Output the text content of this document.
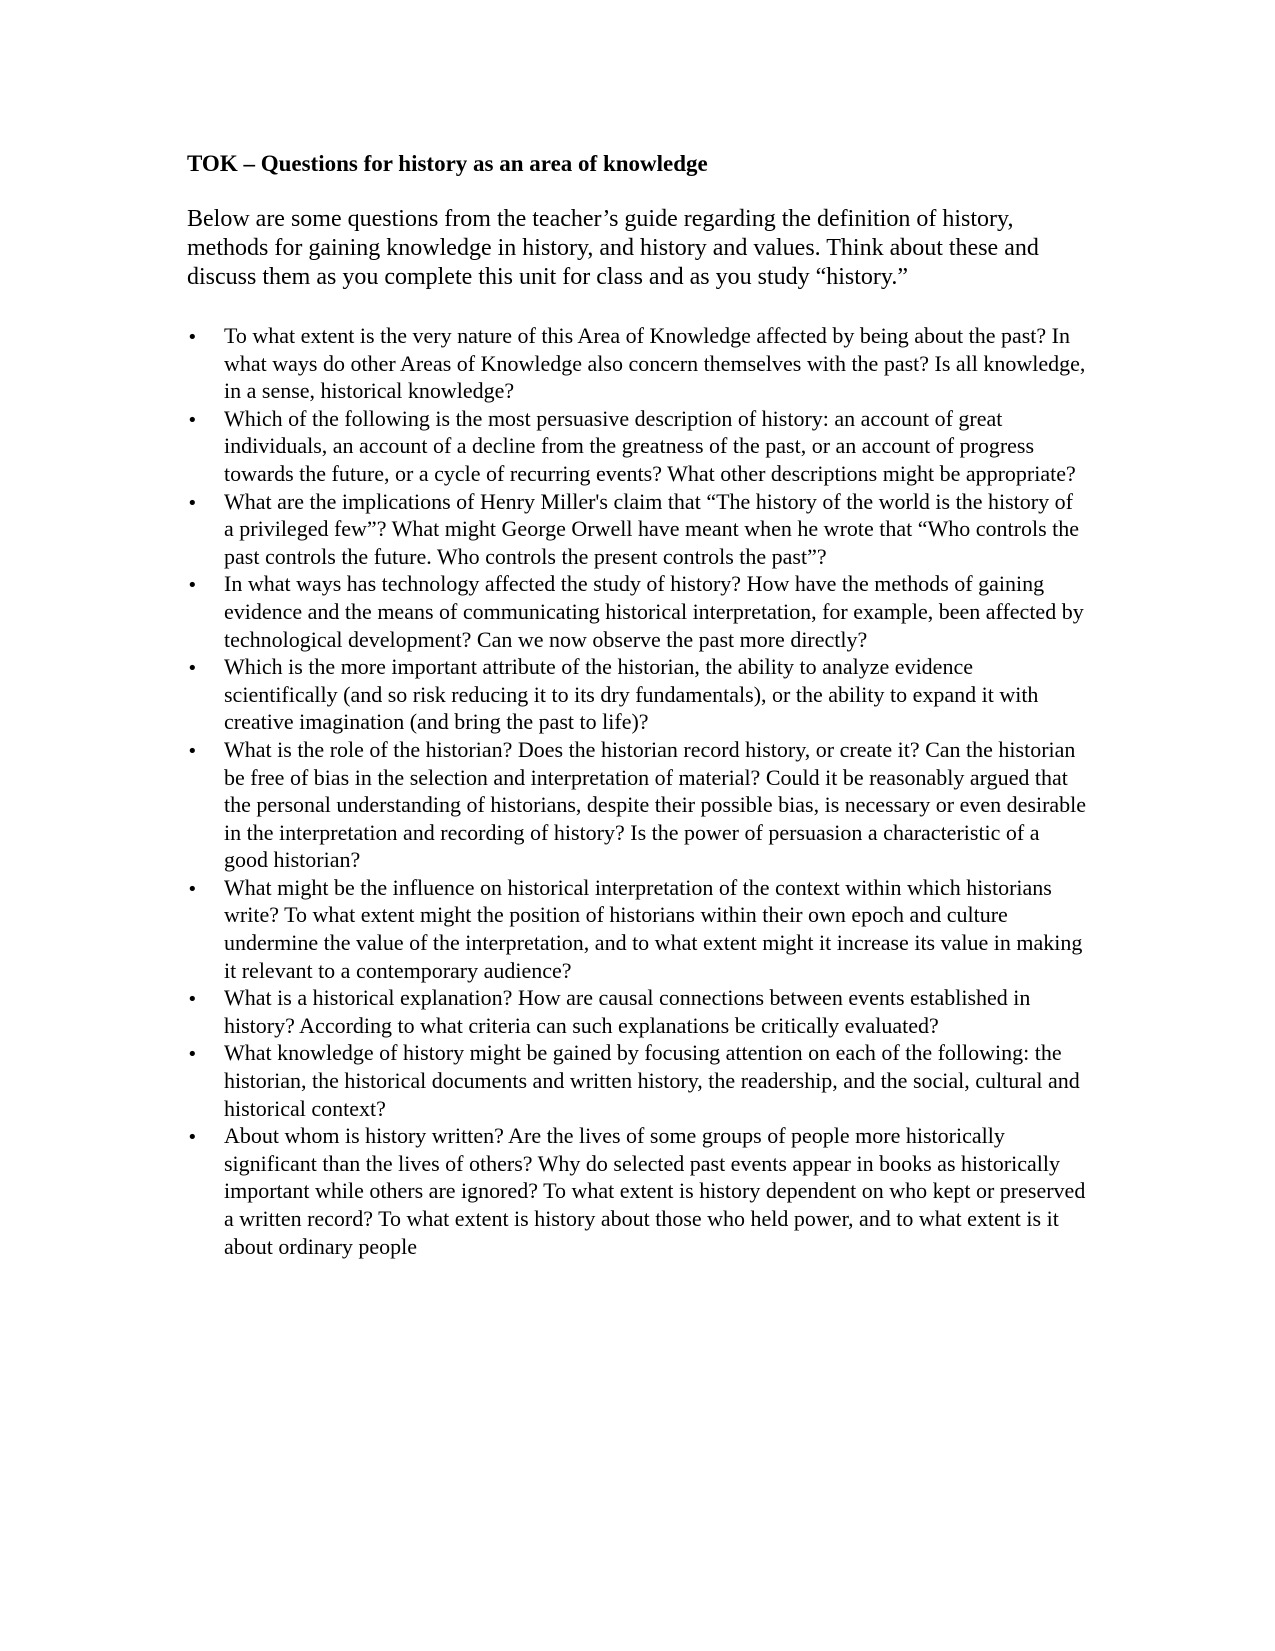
TOK – Questions for history as an area of knowledge

Below are some questions from the teacher’s guide regarding the definition of history, methods for gaining knowledge in history, and history and values. Think about these and discuss them as you complete this unit for class and as you study “history.”

•
To what extent is the very nature of this Area of Knowledge affected by being about the past? In what ways do other Areas of Knowledge also concern themselves with the past? Is all knowledge, in a sense, historical knowledge?
•
Which of the following is the most persuasive description of history: an account of great individuals, an account of a decline from the greatness of the past, or an account of progress towards the future, or a cycle of recurring events? What other descriptions might be appropriate?
•
What are the implications of Henry Miller's claim that “The history of the world is the history of a privileged few”? What might George Orwell have meant when he wrote that “Who controls the past controls the future. Who controls the present controls the past”?
•
In what ways has technology affected the study of history? How have the methods of gaining evidence and the means of communicating historical interpretation, for example, been affected by technological development? Can we now observe the past more directly?
•
Which is the more important attribute of the historian, the ability to analyze evidence scientifically (and so risk reducing it to its dry fundamentals), or the ability to expand it with creative imagination (and bring the past to life)?
•
What is the role of the historian? Does the historian record history, or create it? Can the historian be free of bias in the selection and interpretation of material? Could it be reasonably argued that the personal understanding of historians, despite their possible bias, is necessary or even desirable in the interpretation and recording of history? Is the power of persuasion a characteristic of a good historian?
•
What might be the influence on historical interpretation of the context within which historians write? To what extent might the position of historians within their own epoch and culture undermine the value of the interpretation, and to what extent might it increase its value in making it relevant to a contemporary audience?
•
What is a historical explanation? How are causal connections between events established in history? According to what criteria can such explanations be critically evaluated?
•
What knowledge of history might be gained by focusing attention on each of the following: the historian, the historical documents and written history, the readership, and the social, cultural and historical context?
•
About whom is history written? Are the lives of some groups of people more historically significant than the lives of others? Why do selected past events appear in books as historically important while others are ignored? To what extent is history dependent on who kept or preserved a written record? To what extent is history about those who held power, and to what extent is it about ordinary people
